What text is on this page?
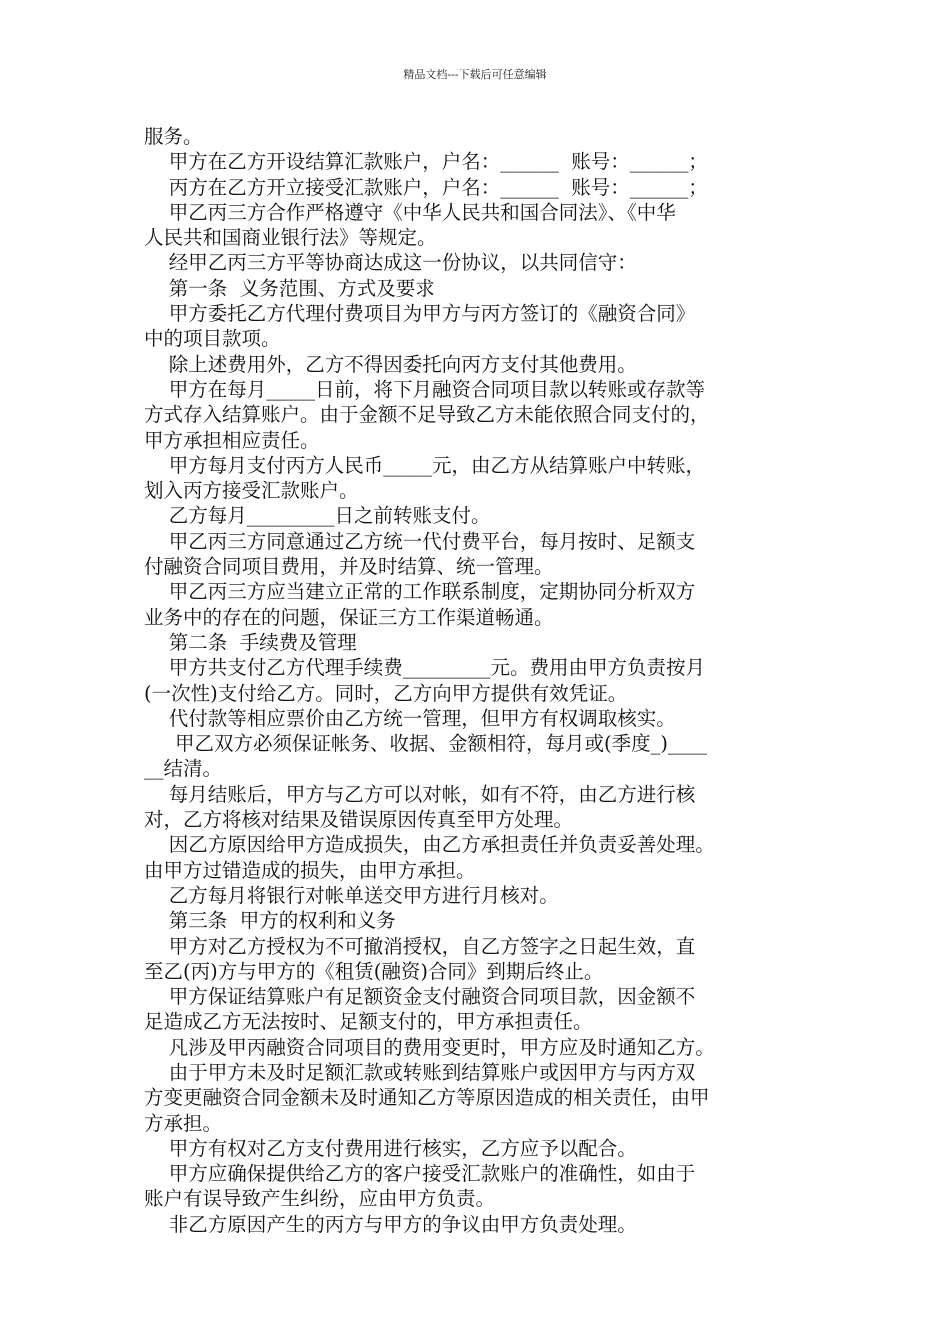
精品文档---下载后可任意编辑
服务。
甲方在乙方开设结算汇款账户，户名：______  账号：______；
丙方在乙方开立接受汇款账户，户名：______  账号：______；
甲乙丙三方合作严格遵守《中华人民共和国合同法》、《中华
人民共和国商业银行法》等规定。
经甲乙丙三方平等协商达成这一份协议，以共同信守：
第一条  义务范围、方式及要求
甲方委托乙方代理付费项目为甲方与丙方签订的《融资合同》
中的项目款项。
除上述费用外，乙方不得因委托向丙方支付其他费用。
甲方在每月_____日前，将下月融资合同项目款以转账或存款等
方式存入结算账户。由于金额不足导致乙方未能依照合同支付的，
甲方承担相应责任。
甲方每月支付丙方人民币_____元，由乙方从结算账户中转账，
划入丙方接受汇款账户。
乙方每月_________日之前转账支付。
甲乙丙三方同意通过乙方统一代付费平台，每月按时、足额支
付融资合同项目费用，并及时结算、统一管理。
甲乙丙三方应当建立正常的工作联系制度，定期协同分析双方
业务中的存在的问题，保证三方工作渠道畅通。
第二条  手续费及管理
甲方共支付乙方代理手续费_________元。费用由甲方负责按月
(一次性)支付给乙方。同时，乙方向甲方提供有效凭证。
代付款等相应票价由乙方统一管理，但甲方有权调取核实。
甲乙双方必须保证帐务、收据、金额相符，每月或(季度_)____
__结清。
每月结账后，甲方与乙方可以对帐，如有不符，由乙方进行核
对，乙方将核对结果及错误原因传真至甲方处理。
因乙方原因给甲方造成损失，由乙方承担责任并负责妥善处理。
由甲方过错造成的损失，由甲方承担。
乙方每月将银行对帐单送交甲方进行月核对。
第三条  甲方的权利和义务
甲方对乙方授权为不可撤消授权，自乙方签字之日起生效，直
至乙(丙)方与甲方的《租赁(融资)合同》到期后终止。
甲方保证结算账户有足额资金支付融资合同项目款，因金额不
足造成乙方无法按时、足额支付的，甲方承担责任。
凡涉及甲丙融资合同项目的费用变更时，甲方应及时通知乙方。
由于甲方未及时足额汇款或转账到结算账户或因甲方与丙方双
方变更融资合同金额未及时通知乙方等原因造成的相关责任，由甲
方承担。
甲方有权对乙方支付费用进行核实，乙方应予以配合。
甲方应确保提供给乙方的客户接受汇款账户的准确性，如由于
账户有误导致产生纠纷，应由甲方负责。
非乙方原因产生的丙方与甲方的争议由甲方负责处理。
